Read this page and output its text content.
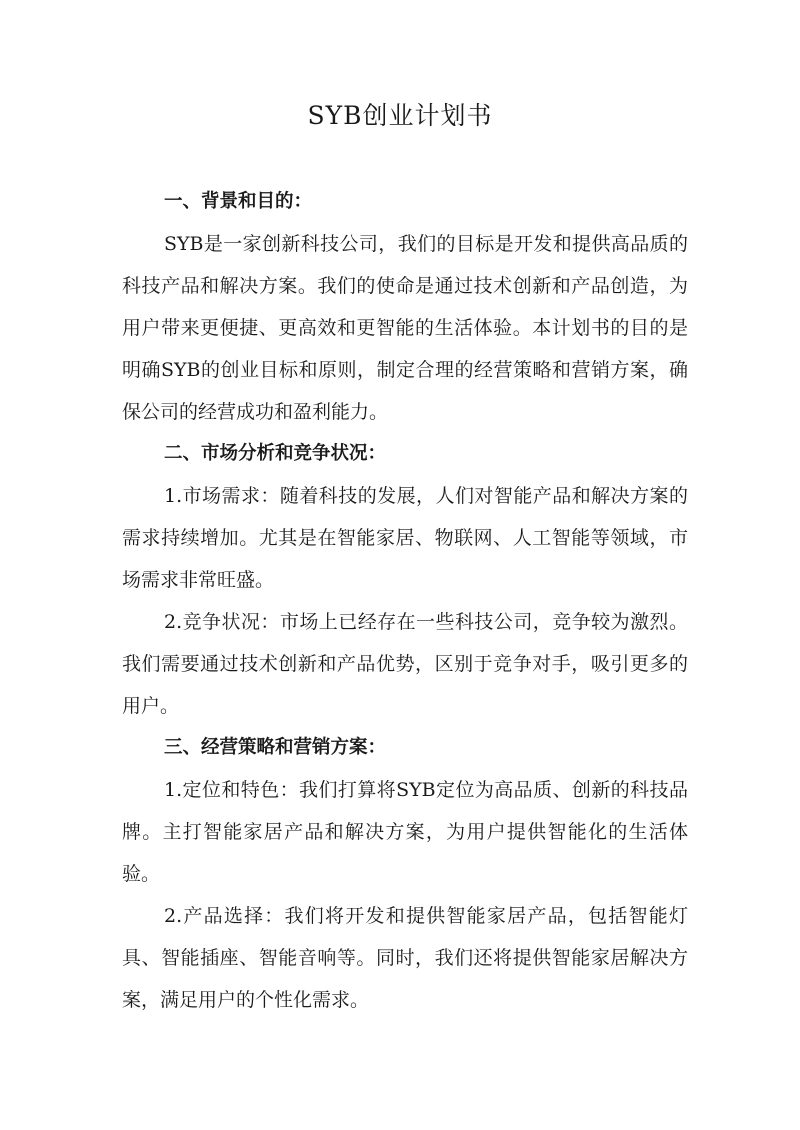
SYB创业计划书

一、背景和目的：

SYB是一家创新科技公司，我们的目标是开发和提供高品质的科技产品和解决方案。我们的使命是通过技术创新和产品创造，为用户带来更便捷、更高效和更智能的生活体验。本计划书的目的是明确SYB的创业目标和原则，制定合理的经营策略和营销方案，确保公司的经营成功和盈利能力。

二、市场分析和竞争状况：

1.市场需求：随着科技的发展，人们对智能产品和解决方案的需求持续增加。尤其是在智能家居、物联网、人工智能等领域，市场需求非常旺盛。

2.竞争状况：市场上已经存在一些科技公司，竞争较为激烈。我们需要通过技术创新和产品优势，区别于竞争对手，吸引更多的用户。

三、经营策略和营销方案：

1.定位和特色：我们打算将SYB定位为高品质、创新的科技品牌。主打智能家居产品和解决方案，为用户提供智能化的生活体验。

2.产品选择：我们将开发和提供智能家居产品，包括智能灯具、智能插座、智能音响等。同时，我们还将提供智能家居解决方案，满足用户的个性化需求。
